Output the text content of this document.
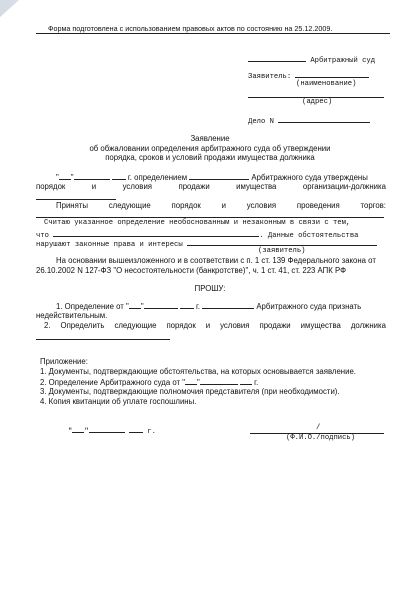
Форма подготовлена с использованием правовых актов по состоянию на 25.12.2009.
Арбитражный суд
Заявитель:
(наименование)
(адрес)
Дело N
Заявление
об обжаловании определения арбитражного суда об утверждении
порядка, сроков и условий продажи имущества должника
" "	г. определением	Арбитражного суда утверждены
порядок	и	условия	продажи	имущества	организации-должника
Приняты	следующие	порядок	и	условия	проведения	торгов:
Считаю указанное определение необоснованным и незаконным в связи с тем,
что	. Данные обстоятельства
нарушают законные права и интересы
(заявитель)
На основании вышеизложенного и в соответствии с п. 1 ст. 139 Федерального закона от
26.10.2002 N 127-ФЗ "О несостоятельности (банкротстве)", ч. 1 ст. 41, ст. 223 АПК РФ
ПРОШУ:
1. Определение от " "	г.	Арбитражного суда признать
недействительным.
2. Определить следующие порядок и условия продажи имущества должника
Приложение:
1. Документы, подтверждающие обстоятельства, на которых основывается заявление.
2. Определение Арбитражного суда от " "	г.
3. Документы, подтверждающие полномочия представителя (при необходимости).
4. Копия квитанции об уплате госпошлины.
" "	г.	/
(Ф.И.О./подпись)
